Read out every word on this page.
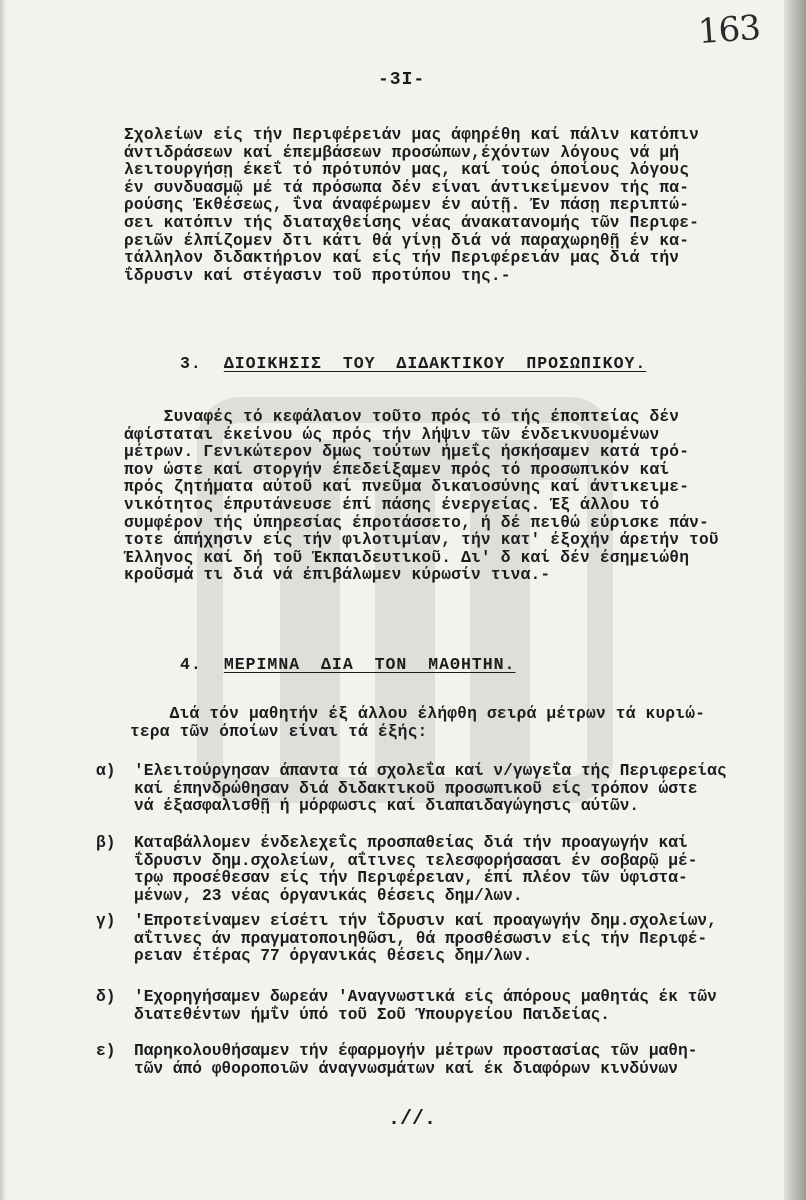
163
-3I-
Σχολείων είς τήν Περιφέρειάν μας άφηρέθη καί πάλιν κατόπιν
άντιδράσεων καί έπεμβάσεων προσώπων,έχόντων λόγους νά μή
λειτουργήσῃ έκεΐ τό πρότυπόν μας, καί τούς όποίους λόγους
έν συνδυασμῷ μέ τά πρόσωπα δέν είναι άντικείμενον τής πα-
ρούσης Έκθέσεως, ΐνα άναφέρωμεν έν αύτῇ. Έν πάσῃ περιπτώ-
σει κατόπιν τής διαταχθείσης νέας άνακατανομής τῶν Περιφε-
ρειῶν έλπίζομεν δτι κάτι θά γίνῃ διά νά παραχωρηθῇ έν κα-
τάλληλον διδακτήριον καί είς τήν Περιφέρειάν μας διά τήν
ΐδρυσιν καί στέγασιν τοῦ προτύπου της.-
3. ΔΙΟΙΚΗΣΙΣ ΤΟΥ ΔΙΔΑΚΤΙΚΟΥ ΠΡΟΣΩΠΙΚΟΥ.
Συναφές τό κεφάλαιον τοῦτο πρός τό τής έποπτείας δέν
άφίσταται έκείνου ώς πρός τήν λήψιν τῶν ένδεικνυομένων
μέτρων. Γενικώτερον δμως τούτων ήμεΐς ήσκήσαμεν κατά τρό-
πον ώστε καί στοργήν έπεδείξαμεν πρός τό προσωπικόν καί
πρός ζητήματα αύτοῦ καί πνεῦμα δικαιοσύνης καί άντικειμε-
νικότητος έπρυτάνευσε έπί πάσης ένεργείας. Έξ άλλου τό
συμφέρον τής ύπηρεσίας έπροτάσσετο, ή δέ πειθώ εύρισκε πάν-
τοτε άπήχησιν είς τήν φιλοτιμίαν, τήν κατ' έξοχήν άρετήν τοῦ
Έλληνος καί δή τοῦ Έκπαιδευτικοῦ. Δι' δ καί δέν έσημειώθη
κροῦσμά τι διά νά έπιβάλωμεν κύρωσίν τινα.-
4. ΜΕΡΙΜΝΑ ΔΙΑ ΤΟΝ ΜΑΘΗΤΗΝ.
Διά τόν μαθητήν έξ άλλου έλήφθη σειρά μέτρων τά κυριώ-
τερα τῶν όποίων είναι τά έξής:

α)

'Ελειτούργησαν άπαντα τά σχολεΐα καί ν/γωγεΐα τής Περιφερείας
καί έπηνδρώθησαν διά διδακτικοῦ προσωπικοῦ είς τρόπον ώστε
νά έξασφαλισθῇ ή μόρφωσις καί διαπαιδαγώγησις αύτῶν.

β)

Καταβάλλομεν ένδελεχεΐς προσπαθείας διά τήν προαγωγήν καί
ΐδρυσιν δημ.σχολείων, αΐτινες τελεσφορήσασαι έν σοβαρῷ μέ-
τρῳ προσέθεσαν είς τήν Περιφέρειαν, έπί πλέον τῶν ύφιστα-
μένων, 23 νέας όργανικάς θέσεις δημ/λων.

γ)

'Επροτείναμεν είσέτι τήν ΐδρυσιν καί προαγωγήν δημ.σχολείων,
αΐτινες άν πραγματοποιηθῶσι, θά προσθέσωσιν είς τήν Περιφέ-
ρειαν έτέρας 77 όργανικάς θέσεις δημ/λων.

δ)

'Εχορηγήσαμεν δωρεάν 'Αναγνωστικά είς άπόρους μαθητάς έκ τῶν
διατεθέντων ήμΐν ύπό τοῦ Σοῦ Ύπουργείου Παιδείας.

ε)

Παρηκολουθήσαμεν τήν έφαρμογήν μέτρων προστασίας τῶν μαθη-
τῶν άπό φθοροποιῶν άναγνωσμάτων καί έκ διαφόρων κινδύνων

.//.
